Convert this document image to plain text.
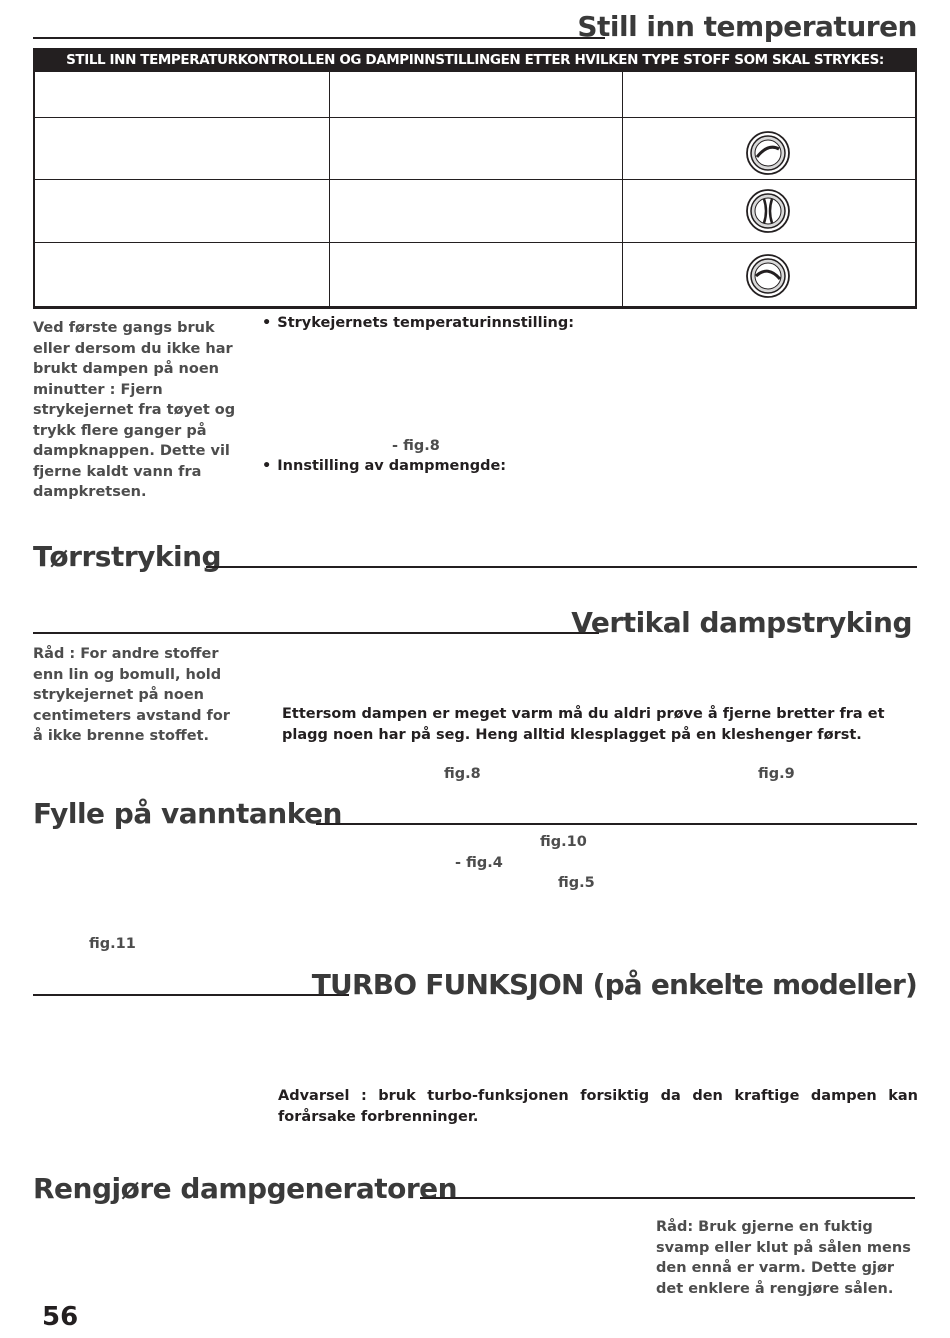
Still inn temperaturen
STILL INN TEMPERATURKONTROLLEN OG DAMPINNSTILLINGEN ETTER HVILKEN TYPE STOFF SOM SKAL STRYKES:
Ved første gangs bruk eller dersom du ikke har brukt dampen på noen minutter : Fjern strykejernet fra tøyet og trykk flere ganger på dampknappen. Dette vil fjerne kaldt vann fra dampkretsen.
• Strykejernets temperaturinnstilling:
- fig.8
• Innstilling av dampmengde:
Tørrstryking
Vertikal dampstryking
Råd : For andre stoffer enn lin og bomull, hold strykejernet på noen centimeters avstand for å ikke brenne stoffet.
Ettersom dampen er meget varm må du aldri prøve å fjerne bretter fra et plagg noen har på seg. Heng alltid klesplagget på en kleshenger først.
fig.8	fig.9
Fylle på vanntanken
fig.10
- fig.4
fig.5
fig.11
TURBO FUNKSJON (på enkelte modeller)
Advarsel : bruk turbo-funksjonen forsiktig da den kraftige dampen kan forårsake forbrenninger.
Rengjøre dampgeneratoren
Råd: Bruk gjerne en fuktig svamp eller klut på sålen mens den ennå er varm. Dette gjør det enklere å rengjøre sålen.
56
